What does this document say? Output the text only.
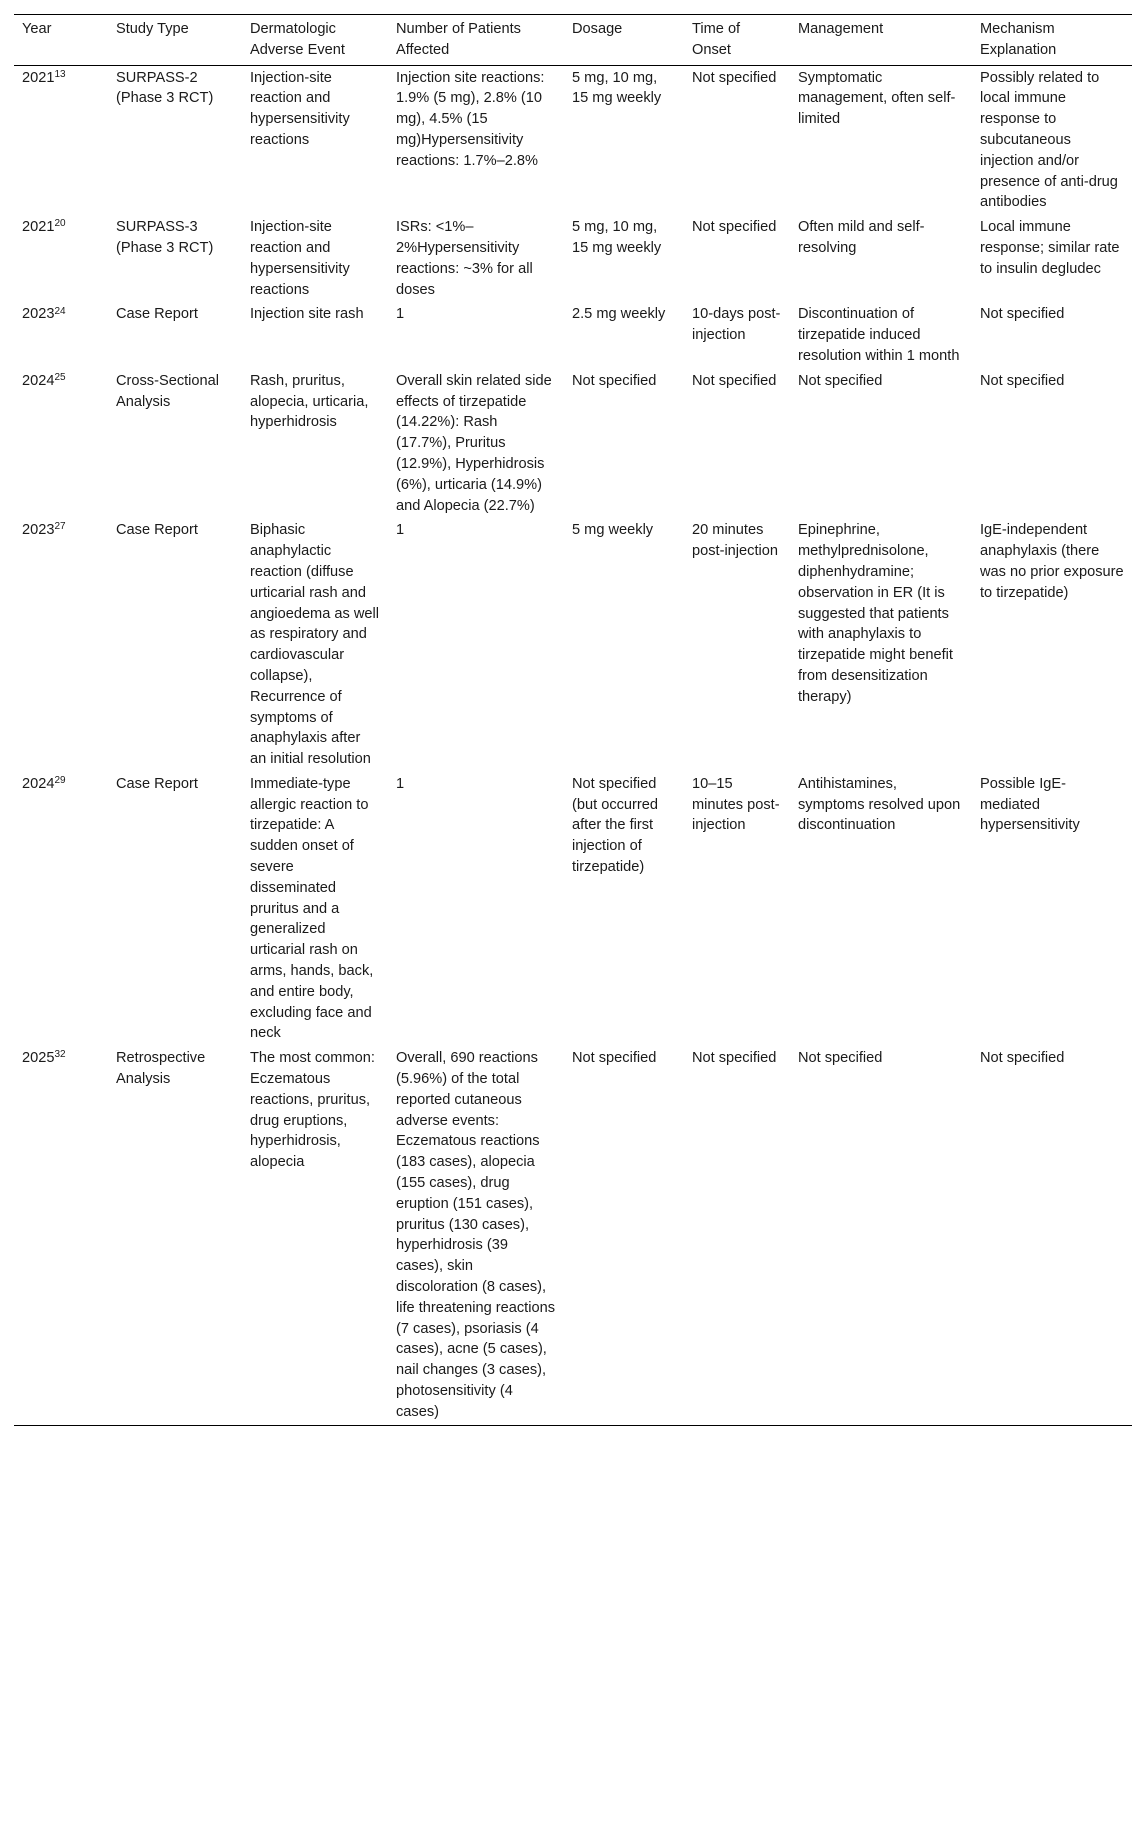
Year	Study Type	Dermatologic Adverse Event	Number of Patients Affected	Dosage	Time of Onset	Management	Mechanism Explanation
2021$^{13}$	SURPASS-2 (Phase 3 RCT)	Injection-site reaction and hypersensitivity reactions	Injection site reactions: 1.9% (5 mg), 2.8% (10 mg), 4.5% (15 mg)Hypersensitivity reactions: 1.7%–2.8%	5 mg, 10 mg, 15 mg weekly	Not specified	Symptomatic management, often self-limited	Possibly related to local immune response to subcutaneous injection and/or presence of anti-drug antibodies
2021$^{20}$	SURPASS-3 (Phase 3 RCT)	Injection-site reaction and hypersensitivity reactions	ISRs: <1%–2%Hypersensitivity reactions: ~3% for all doses	5 mg, 10 mg, 15 mg weekly	Not specified	Often mild and self-resolving	Local immune response; similar rate to insulin degludec
2023$^{24}$	Case Report	Injection site rash	1	2.5 mg weekly	10-days post-injection	Discontinuation of tirzepatide induced resolution within 1 month	Not specified
2024$^{25}$	Cross-Sectional Analysis	Rash, pruritus, alopecia, urticaria, hyperhidrosis	Overall skin related side effects of tirzepatide (14.22%): Rash (17.7%), Pruritus (12.9%), Hyperhidrosis (6%), urticaria (14.9%) and Alopecia (22.7%)	Not specified	Not specified	Not specified	Not specified
2023$^{27}$	Case Report	Biphasic anaphylactic reaction (diffuse urticarial rash and angioedema as well as respiratory and cardiovascular collapse), Recurrence of symptoms of anaphylaxis after an initial resolution	1	5 mg weekly	20 minutes post-injection	Epinephrine, methylprednisolone, diphenhydramine; observation in ER (It is suggested that patients with anaphylaxis to tirzepatide might benefit from desensitization therapy)	IgE-independent anaphylaxis (there was no prior exposure to tirzepatide)
2024$^{29}$	Case Report	Immediate-type allergic reaction to tirzepatide: A sudden onset of severe disseminated pruritus and a generalized urticarial rash on arms, hands, back, and entire body, excluding face and neck	1	Not specified (but occurred after the first injection of tirzepatide)	10–15 minutes post-injection	Antihistamines, symptoms resolved upon discontinuation	Possible IgE-mediated hypersensitivity
2025$^{32}$	Retrospective Analysis	The most common: Eczematous reactions, pruritus, drug eruptions, hyperhidrosis, alopecia	Overall, 690 reactions (5.96%) of the total reported cutaneous adverse events: Eczematous reactions (183 cases), alopecia (155 cases), drug eruption (151 cases), pruritus (130 cases), hyperhidrosis (39 cases), skin discoloration (8 cases), life threatening reactions (7 cases), psoriasis (4 cases), acne (5 cases), nail changes (3 cases), photosensitivity (4 cases)	Not specified	Not specified	Not specified	Not specified
